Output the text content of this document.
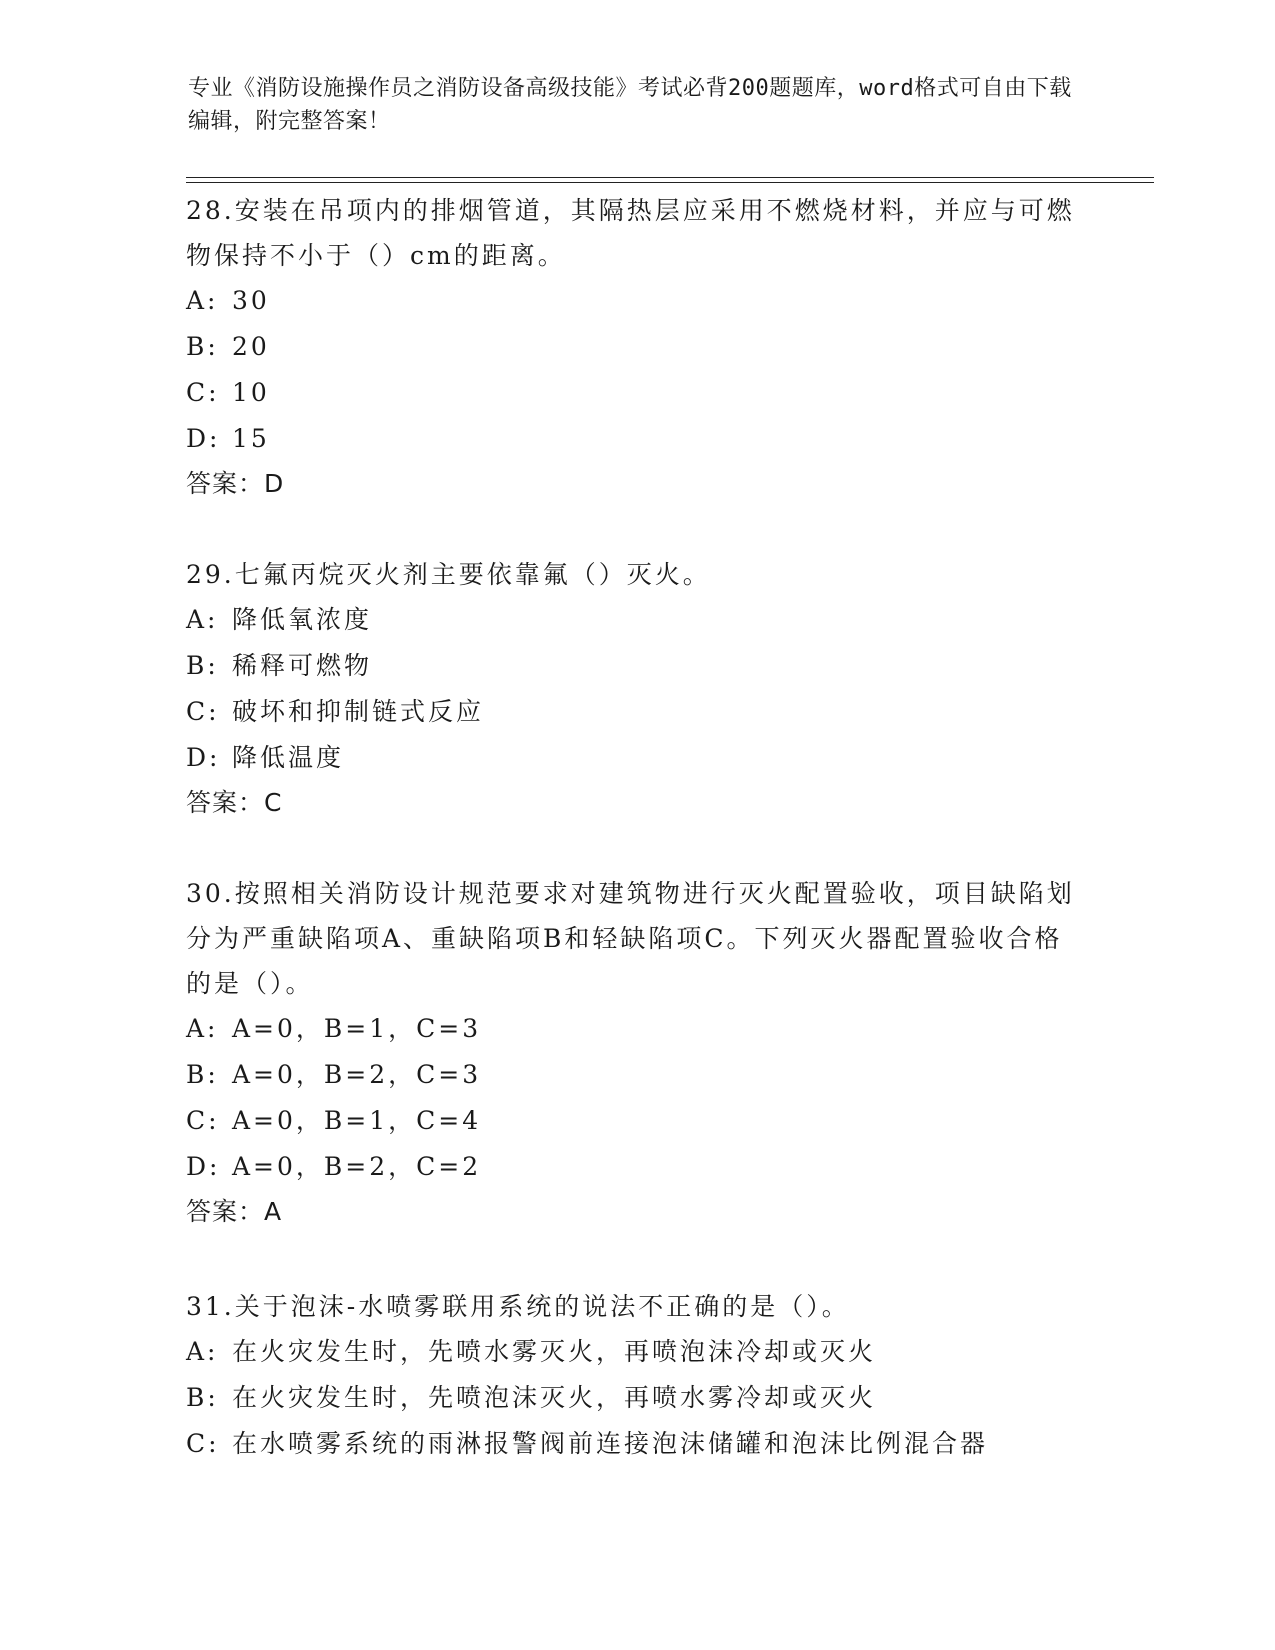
专业《消防设施操作员之消防设备高级技能》考试必背200题题库，word格式可自由下载编辑，附完整答案！

28.安装在吊项内的排烟管道，其隔热层应采用不燃烧材料，并应与可燃物保持不小于（）cm的距离。

A: 30

B: 20

C: 10

D: 15

答案：D

29.七氟丙烷灭火剂主要依靠氟（）灭火。

A: 降低氧浓度

B: 稀释可燃物

C: 破坏和抑制链式反应

D: 降低温度

答案：C

30.按照相关消防设计规范要求对建筑物进行灭火配置验收，项目缺陷划分为严重缺陷项A、重缺陷项B和轻缺陷项C。下列灭火器配置验收合格的是（）。

A: A=0，B=1，C=3

B: A=0，B=2，C=3

C: A=0，B=1，C=4

D: A=0，B=2，C=2

答案：A

31.关于泡沫-水喷雾联用系统的说法不正确的是（）。

A: 在火灾发生时，先喷水雾灭火，再喷泡沫冷却或灭火

B: 在火灾发生时，先喷泡沫灭火，再喷水雾冷却或灭火

C: 在水喷雾系统的雨淋报警阀前连接泡沫储罐和泡沫比例混合器
